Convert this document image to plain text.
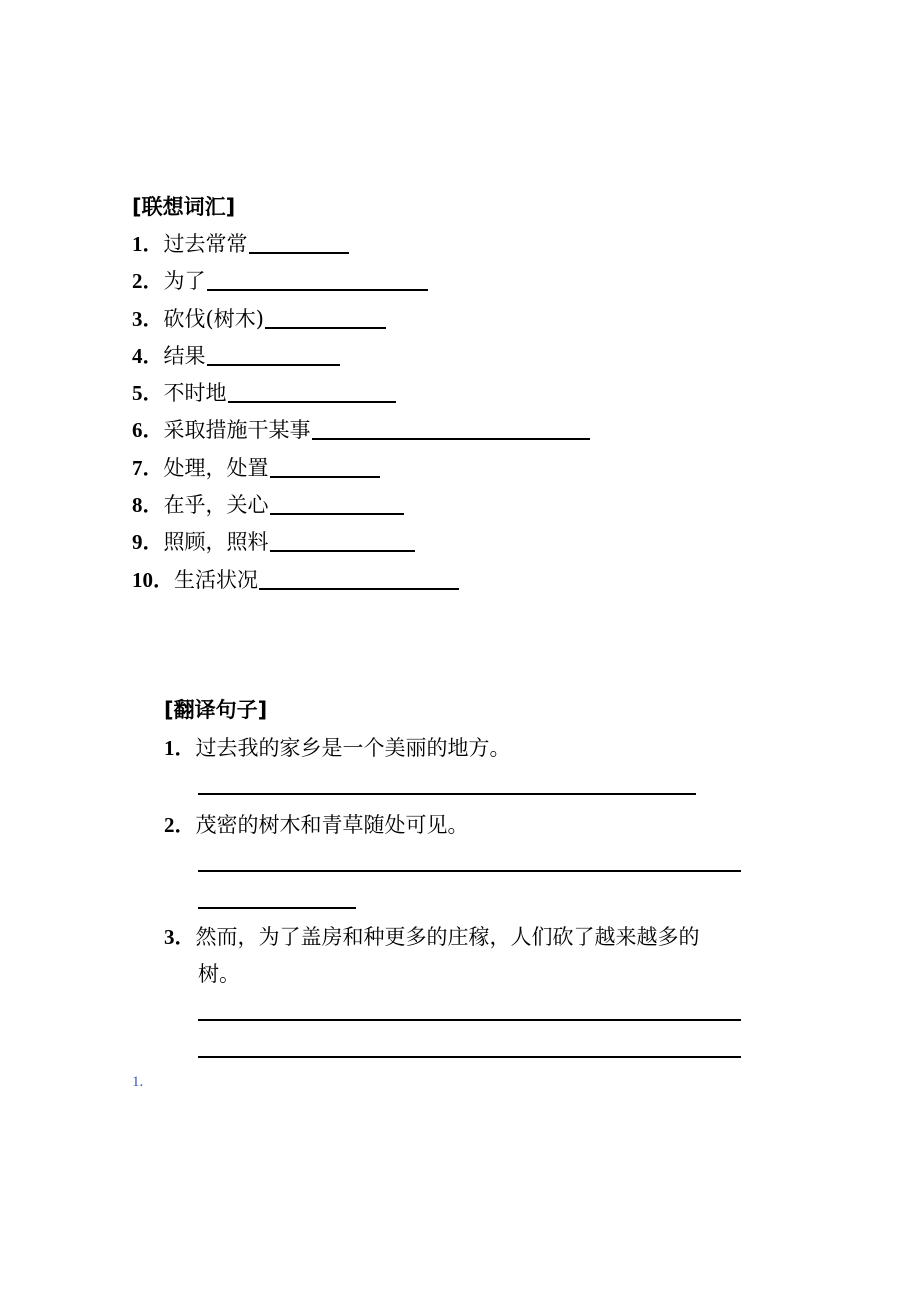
[联想词汇]
1．过去常常
2．为了
3．砍伐(树木)
4．结果
5．不时地
6．采取措施干某事
7．处理，处置
8．在乎，关心
9．照顾，照料
10．生活状况
[翻译句子]
1．过去我的家乡是一个美丽的地方。
2．茂密的树木和青草随处可见。
3．然而，为了盖房和种更多的庄稼，人们砍了越来越多的
树。
1.
